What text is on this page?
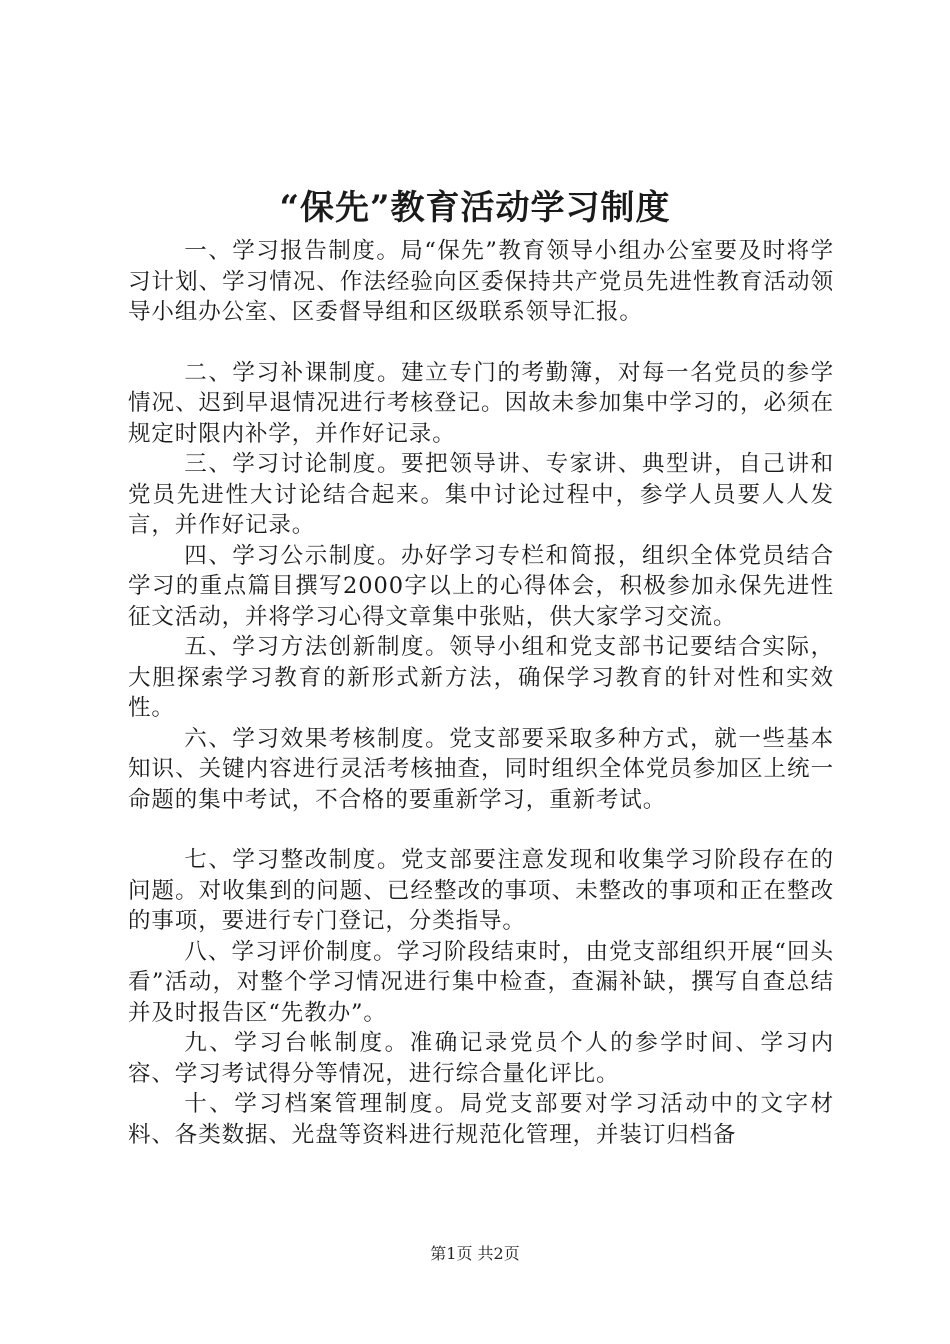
“保先”教育活动学习制度

一、学习报告制度。局“保先”教育领导小组办公室要及时将学习计划、学习情况、作法经验向区委保持共产党员先进性教育活动领导小组办公室、区委督导组和区级联系领导汇报。

二、学习补课制度。建立专门的考勤簿，对每一名党员的参学情况、迟到早退情况进行考核登记。因故未参加集中学习的，必须在规定时限内补学，并作好记录。

三、学习讨论制度。要把领导讲、专家讲、典型讲，自己讲和党员先进性大讨论结合起来。集中讨论过程中，参学人员要人人发言，并作好记录。

四、学习公示制度。办好学习专栏和简报，组织全体党员结合学习的重点篇目撰写2000字以上的心得体会，积极参加永保先进性征文活动，并将学习心得文章集中张贴，供大家学习交流。

五、学习方法创新制度。领导小组和党支部书记要结合实际，大胆探索学习教育的新形式新方法，确保学习教育的针对性和实效性。

六、学习效果考核制度。党支部要采取多种方式，就一些基本知识、关键内容进行灵活考核抽查，同时组织全体党员参加区上统一命题的集中考试，不合格的要重新学习，重新考试。

七、学习整改制度。党支部要注意发现和收集学习阶段存在的问题。对收集到的问题、已经整改的事项、未整改的事项和正在整改的事项，要进行专门登记，分类指导。

八、学习评价制度。学习阶段结束时，由党支部组织开展“回头看”活动，对整个学习情况进行集中检查，查漏补缺，撰写自查总结并及时报告区“先教办”。

九、学习台帐制度。准确记录党员个人的参学时间、学习内容、学习考试得分等情况，进行综合量化评比。

十、学习档案管理制度。局党支部要对学习活动中的文字材料、各类数据、光盘等资料进行规范化管理，并装订归档备

第1页 共2页
